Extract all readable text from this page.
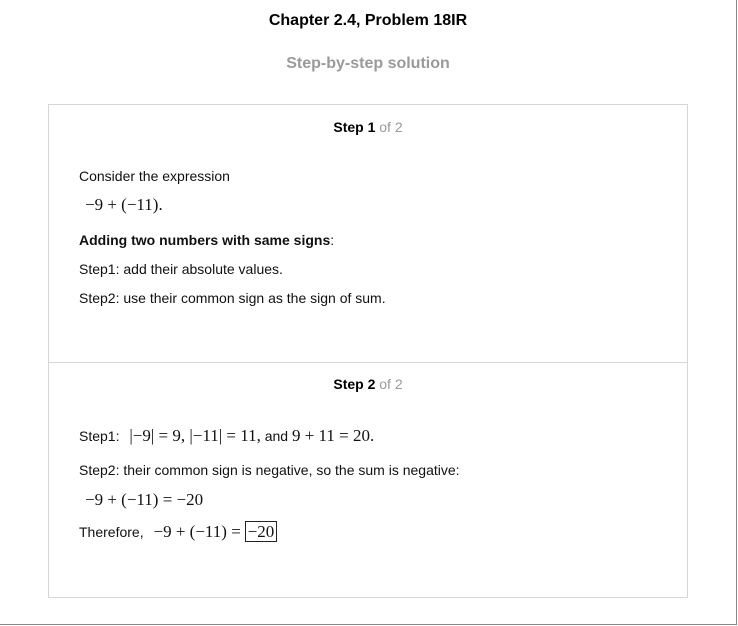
Chapter 2.4, Problem 18IR
Step-by-step solution
Step 1 of 2
Consider the expression
−9 + (−11).
Adding two numbers with same signs:
Step1: add their absolute values.
Step2: use their common sign as the sign of sum.
Step 2 of 2
Step1: |−9| = 9, |−11| = 11, and 9 + 11 = 20.
Step2: their common sign is negative, so the sum is negative:
−9 + (−11) = −20
Therefore, −9 + (−11) = −20
